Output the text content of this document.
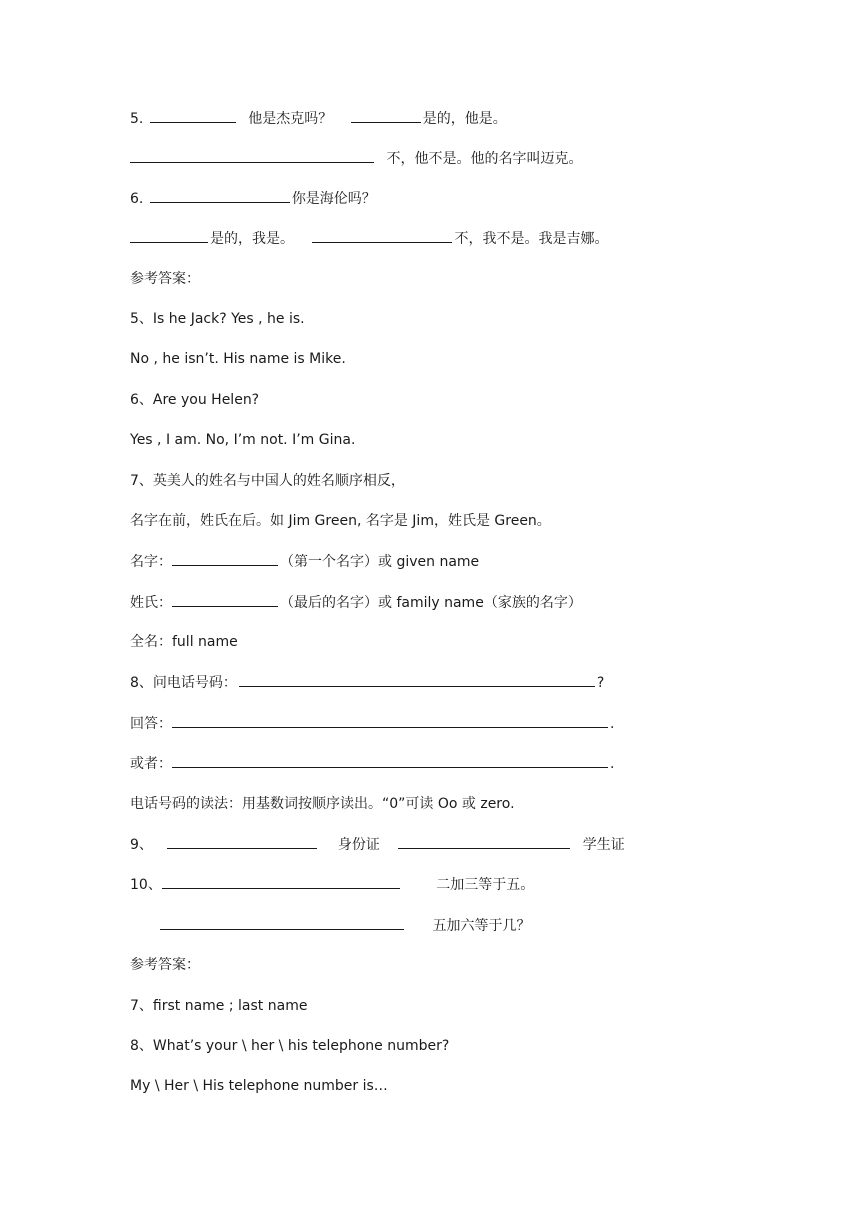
5.	他是杰克吗？	是的，他是。
不，他不是。他的名字叫迈克。
6.	你是海伦吗？
是的，我是。	不，我不是。我是吉娜。
参考答案：
5、Is he Jack? Yes , he is.
No , he isn’t. His name is Mike.
6、Are you Helen?
Yes , I am. No, I’m not. I’m Gina.
7、英美人的姓名与中国人的姓名顺序相反，
名字在前，姓氏在后。如 Jim Green, 名字是 Jim，姓氏是 Green。
名字：	（第一个名字）或 given name
姓氏：	（最后的名字）或 family name（家族的名字）
全名：full name
8、问电话号码：	?
回答：	.
或者：	.
电话号码的读法：用基数词按顺序读出。“0”可读 Oo 或 zero.
9、	身份证	学生证
10、	二加三等于五。
五加六等于几？
参考答案：
7、first name ; last name
8、What’s your \ her \ his telephone number?
My \ Her \ His telephone number is…
